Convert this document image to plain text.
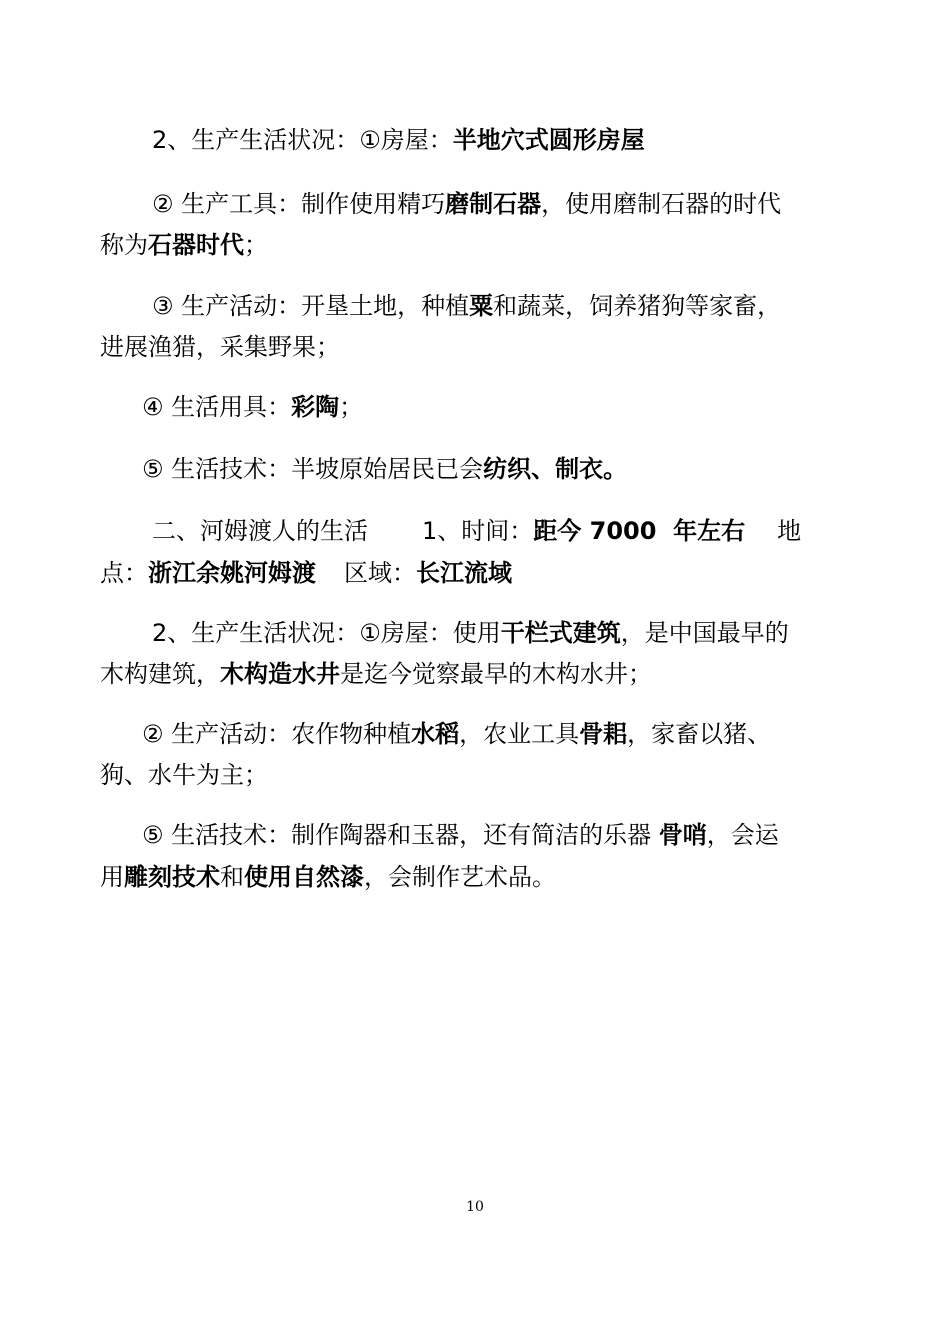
2、生产生活状况：①房屋：半地穴式圆形房屋
② 生产工具：制作使用精巧磨制石器，使用磨制石器的时代
称为石器时代；
③ 生产活动：开垦土地，种植粟和蔬菜，饲养猪狗等家畜，
进展渔猎，采集野果；
④ 生活用具：彩陶；
⑤ 生活技术：半坡原始居民已会纺织、制衣。
二、河姆渡人的生活 1、时间：距今 7000  年左右 地
点：浙江余姚河姆渡 区域：长江流域
2、生产生活状况：①房屋：使用干栏式建筑，是中国最早的
木构建筑，木构造水井是迄今觉察最早的木构水井；
② 生产活动：农作物种植水稻，农业工具骨耜，家畜以猪、
狗、水牛为主；
⑤ 生活技术：制作陶器和玉器，还有简洁的乐器 骨哨，会运
用雕刻技术和使用自然漆，会制作艺术品。
10
